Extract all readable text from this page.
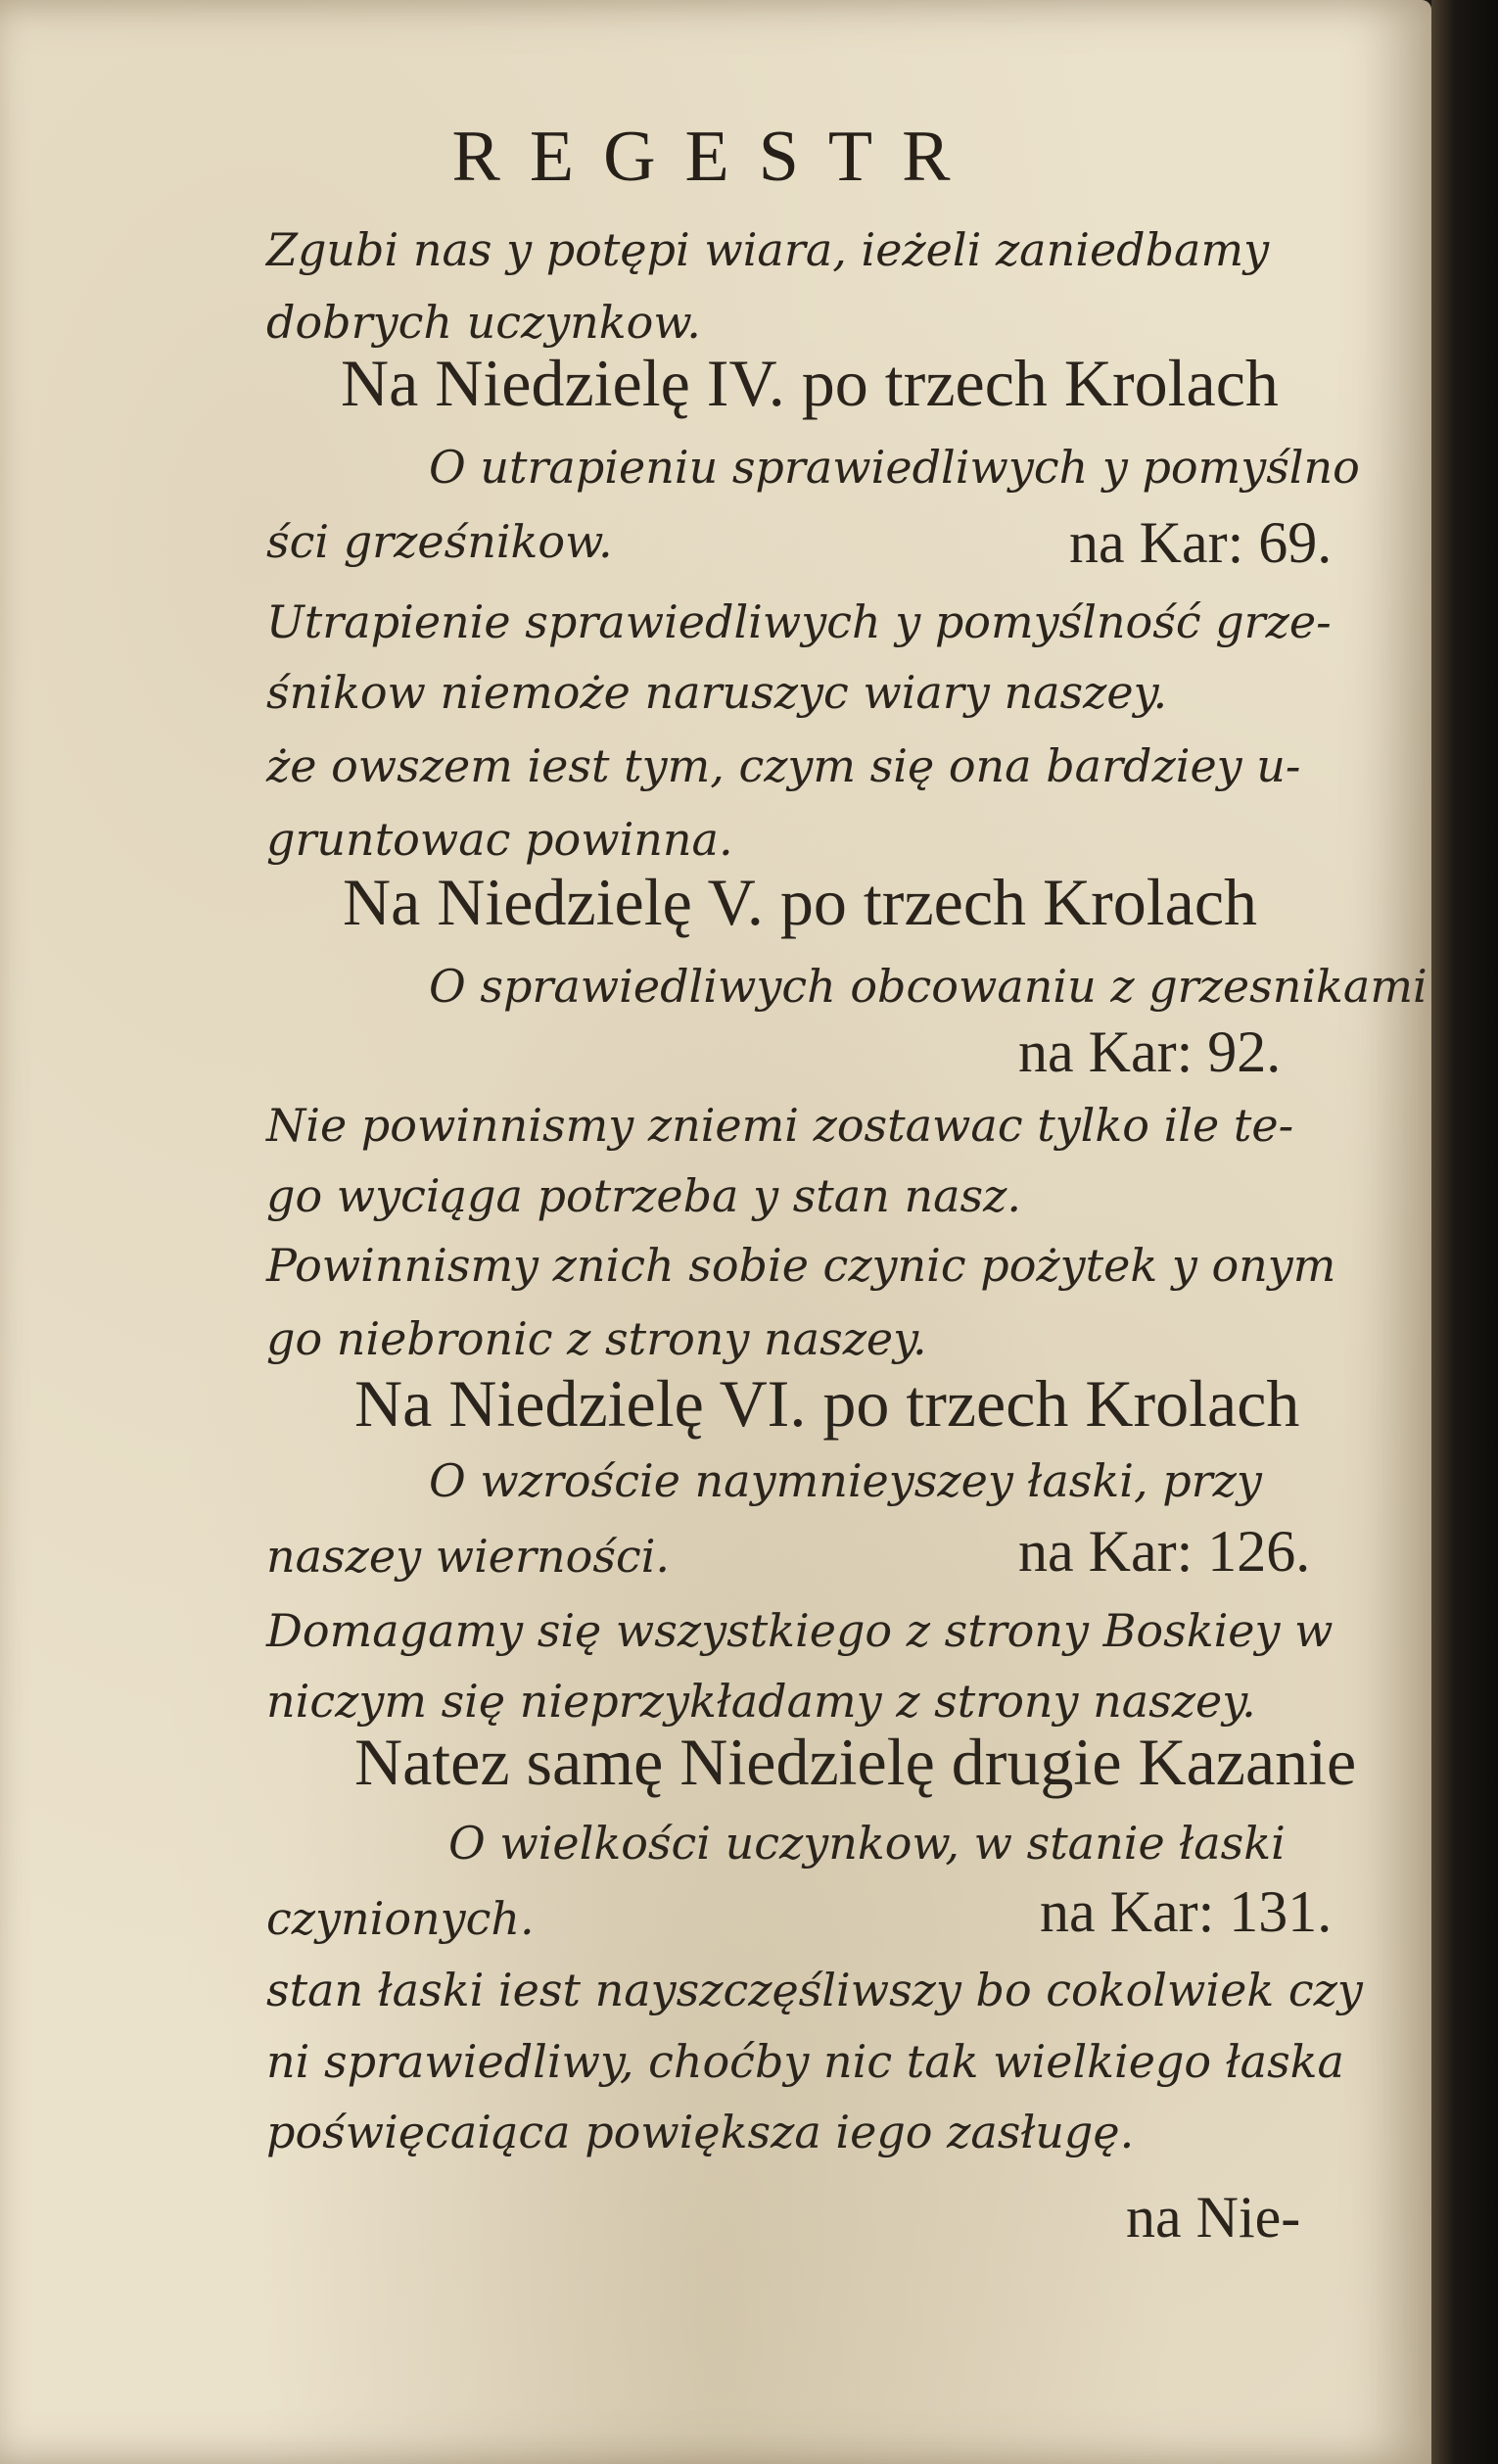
REGESTR
Zgubi nas y potępi wiara, ieżeli zaniedbamy
dobrych uczynkow.
Na Niedzielę IV. po trzech Krolach
O utrapieniu sprawiedliwych y pomyślno
ści grześnikow.	na Kar: 69.
Utrapienie sprawiedliwych y pomyślność grze-
śnikow niemoże naruszyc wiary naszey.
że owszem iest tym, czym się ona bardziey u-
gruntowac powinna.
Na Niedzielę V. po trzech Krolach
O sprawiedliwych obcowaniu z grzesnikami
na Kar: 92.
Nie powinnismy zniemi zostawac tylko ile te-
go wyciąga potrzeba y stan nasz.
Powinnismy znich sobie czynic pożytek y onym
go niebronic z strony naszey.
Na Niedzielę VI. po trzech Krolach
O wzroście naymnieyszey łaski, przy
naszey wierności.	na Kar: 126.
Domagamy się wszystkiego z strony Boskiey w
niczym się nieprzykładamy z strony naszey.
Natez samę Niedzielę drugie Kazanie
O wielkości uczynkow, w stanie łaski
czynionych.	na Kar: 131.
stan łaski iest nayszczęśliwszy bo cokolwiek czy
ni sprawiedliwy, choćby nic tak wielkiego łaska
poświęcaiąca powiększa iego zasługę.
na Nie-
